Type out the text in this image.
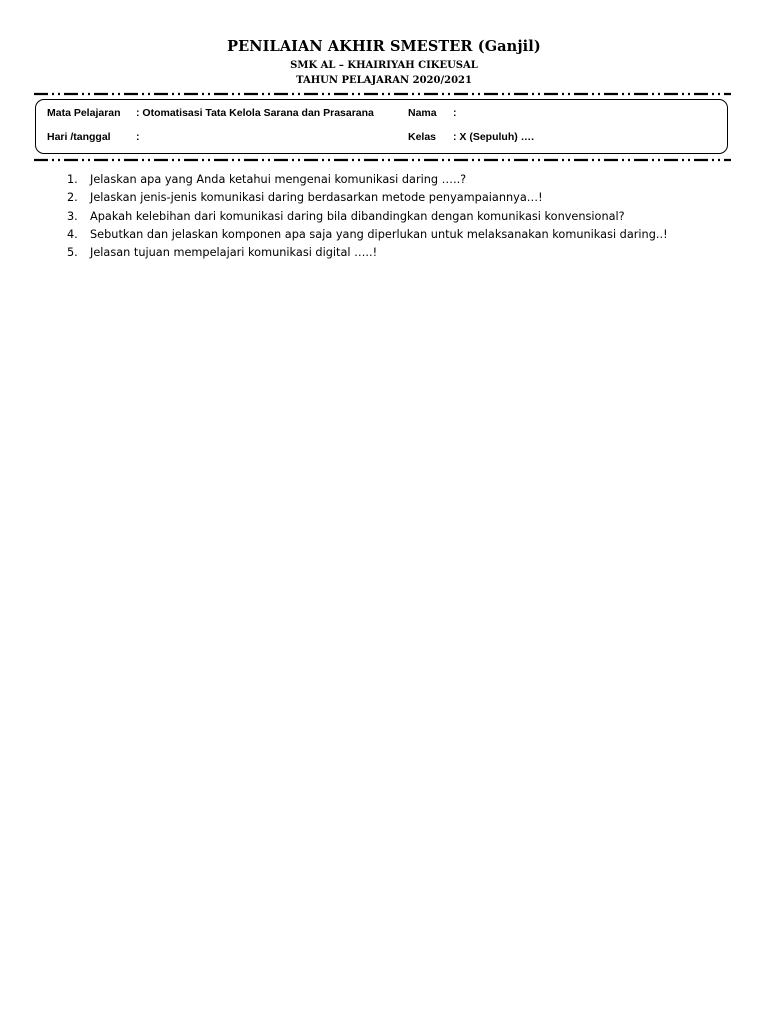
PENILAIAN AKHIR SMESTER (Ganjil)
SMK AL – KHAIRIYAH CIKEUSAL
TAHUN PELAJARAN 2020/2021
Mata Pelajaran : Otomatisasi Tata Kelola Sarana dan Prasarana	Nama :
Hari /tanggal :	Kelas : X (Sepuluh) ….
1. Jelaskan apa yang Anda ketahui mengenai komunikasi daring …..?
2. Jelaskan jenis-jenis komunikasi daring berdasarkan metode penyampaiannya…!
3. Apakah kelebihan dari komunikasi daring bila dibandingkan dengan komunikasi konvensional?
4. Sebutkan dan jelaskan komponen apa saja yang diperlukan untuk melaksanakan komunikasi daring..!
5. Jelasan tujuan mempelajari komunikasi digital …..!
